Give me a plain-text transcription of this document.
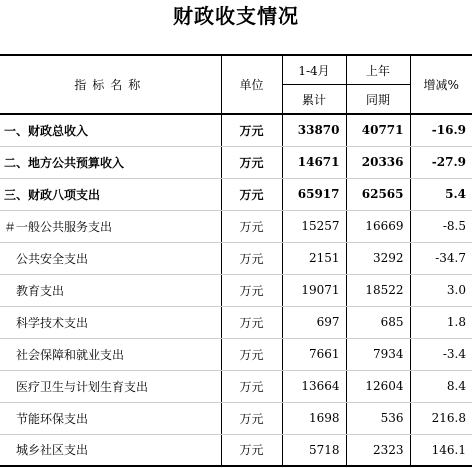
财政收支情况
指标名称	单位	1-4月	上年	增减%
		累计	同期	
一、财政总收入	万元	33870	40771	-16.9
二、地方公共预算收入	万元	14671	20336	-27.9
三、财政八项支出	万元	65917	62565	5.4
＃一般公共服务支出	万元	15257	16669	-8.5
公共安全支出	万元	2151	3292	-34.7
教育支出	万元	19071	18522	3.0
科学技术支出	万元	697	685	1.8
社会保障和就业支出	万元	7661	7934	-3.4
医疗卫生与计划生育支出	万元	13664	12604	8.4
节能环保支出	万元	1698	536	216.8
城乡社区支出	万元	5718	2323	146.1
